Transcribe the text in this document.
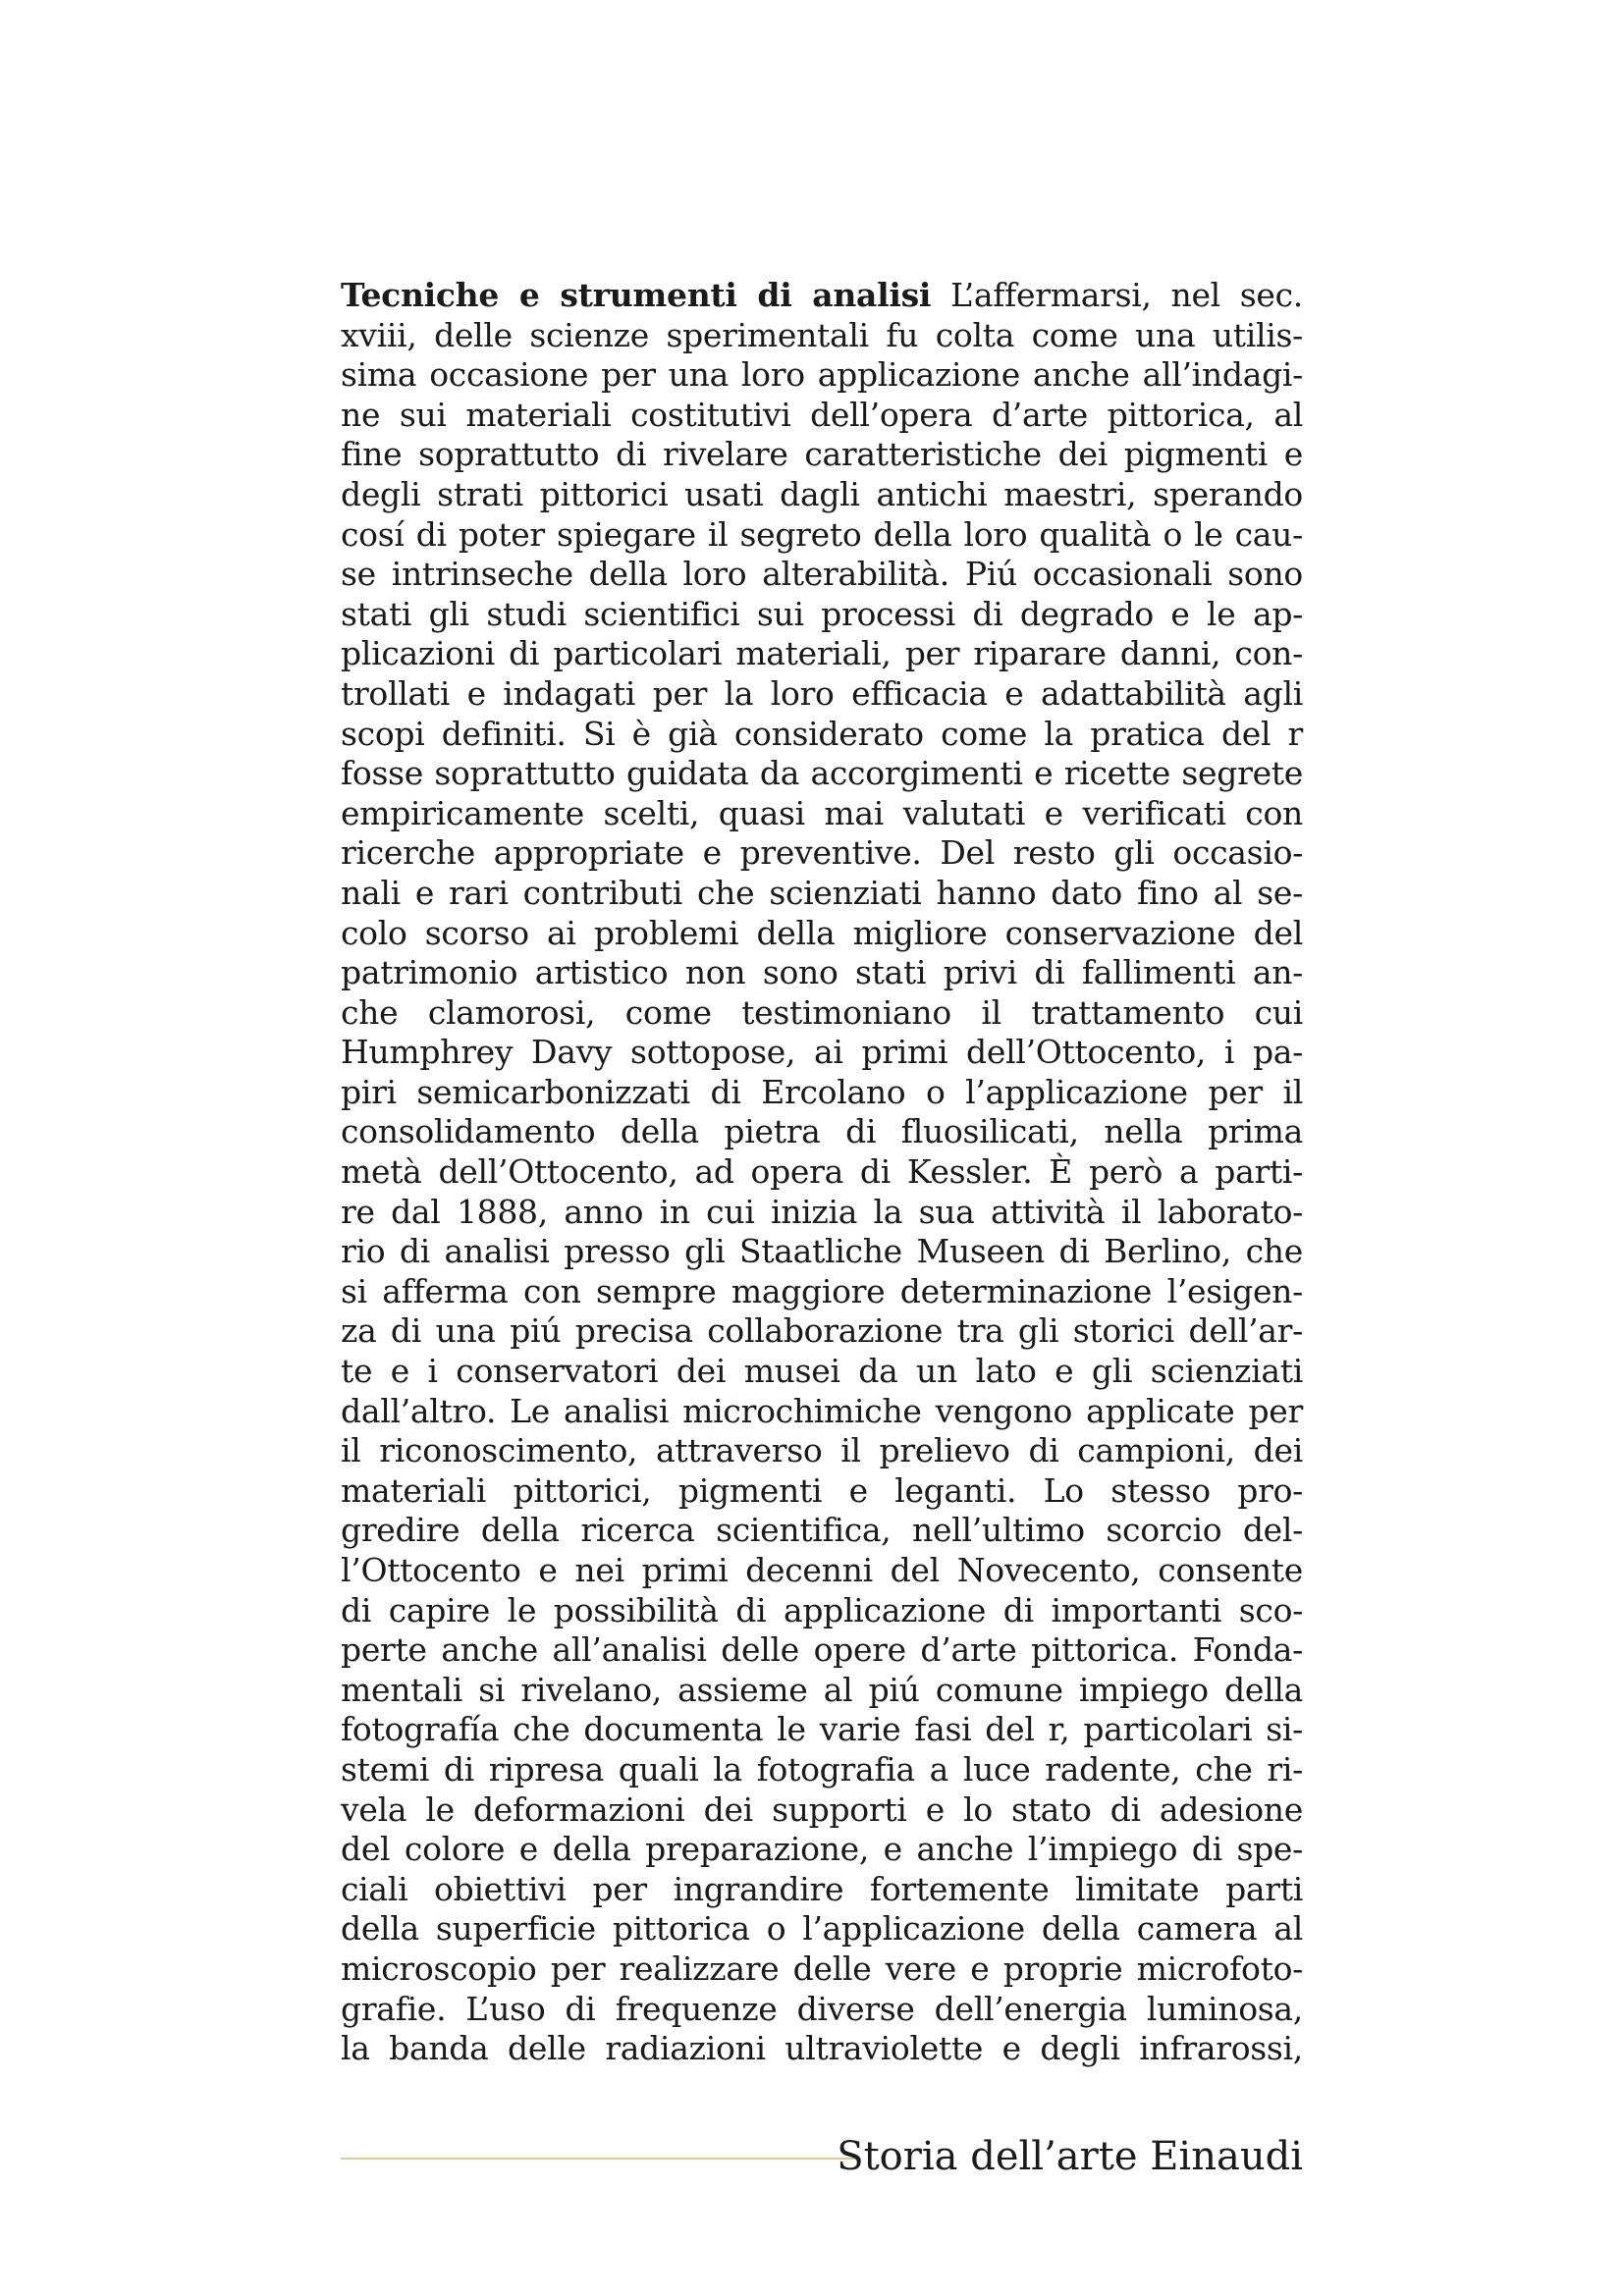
Tecniche e strumenti di analisi L’affermarsi, nel sec.
xviii, delle scienze sperimentali fu colta come una utilis-
sima occasione per una loro applicazione anche all’indagi-
ne sui materiali costitutivi dell’opera d’arte pittorica, al
fine soprattutto di rivelare caratteristiche dei pigmenti e
degli strati pittorici usati dagli antichi maestri, sperando
cosí di poter spiegare il segreto della loro qualità o le cau-
se intrinseche della loro alterabilità. Piú occasionali sono
stati gli studi scientifici sui processi di degrado e le ap-
plicazioni di particolari materiali, per riparare danni, con-
trollati e indagati per la loro efficacia e adattabilità agli
scopi definiti. Si è già considerato come la pratica del r
fosse soprattutto guidata da accorgimenti e ricette segrete
empiricamente scelti, quasi mai valutati e verificati con
ricerche appropriate e preventive. Del resto gli occasio-
nali e rari contributi che scienziati hanno dato fino al se-
colo scorso ai problemi della migliore conservazione del
patrimonio artistico non sono stati privi di fallimenti an-
che clamorosi, come testimoniano il trattamento cui
Humphrey Davy sottopose, ai primi dell’Ottocento, i pa-
piri semicarbonizzati di Ercolano o l’applicazione per il
consolidamento della pietra di fluosilicati, nella prima
metà dell’Ottocento, ad opera di Kessler. È però a parti-
re dal 1888, anno in cui inizia la sua attività il laborato-
rio di analisi presso gli Staatliche Museen di Berlino, che
si afferma con sempre maggiore determinazione l’esigen-
za di una piú precisa collaborazione tra gli storici dell’ar-
te e i conservatori dei musei da un lato e gli scienziati
dall’altro. Le analisi microchimiche vengono applicate per
il riconoscimento, attraverso il prelievo di campioni, dei
materiali pittorici, pigmenti e leganti. Lo stesso pro-
gredire della ricerca scientifica, nell’ultimo scorcio del-
l’Ottocento e nei primi decenni del Novecento, consente
di capire le possibilità di applicazione di importanti sco-
perte anche all’analisi delle opere d’arte pittorica. Fonda-
mentali si rivelano, assieme al piú comune impiego della
fotografía che documenta le varie fasi del r, particolari si-
stemi di ripresa quali la fotografia a luce radente, che ri-
vela le deformazioni dei supporti e lo stato di adesione
del colore e della preparazione, e anche l’impiego di spe-
ciali obiettivi per ingrandire fortemente limitate parti
della superficie pittorica o l’applicazione della camera al
microscopio per realizzare delle vere e proprie microfoto-
grafie. L’uso di frequenze diverse dell’energia luminosa,
la banda delle radiazioni ultraviolette e degli infrarossi,
Storia dell’arte Einaudi
